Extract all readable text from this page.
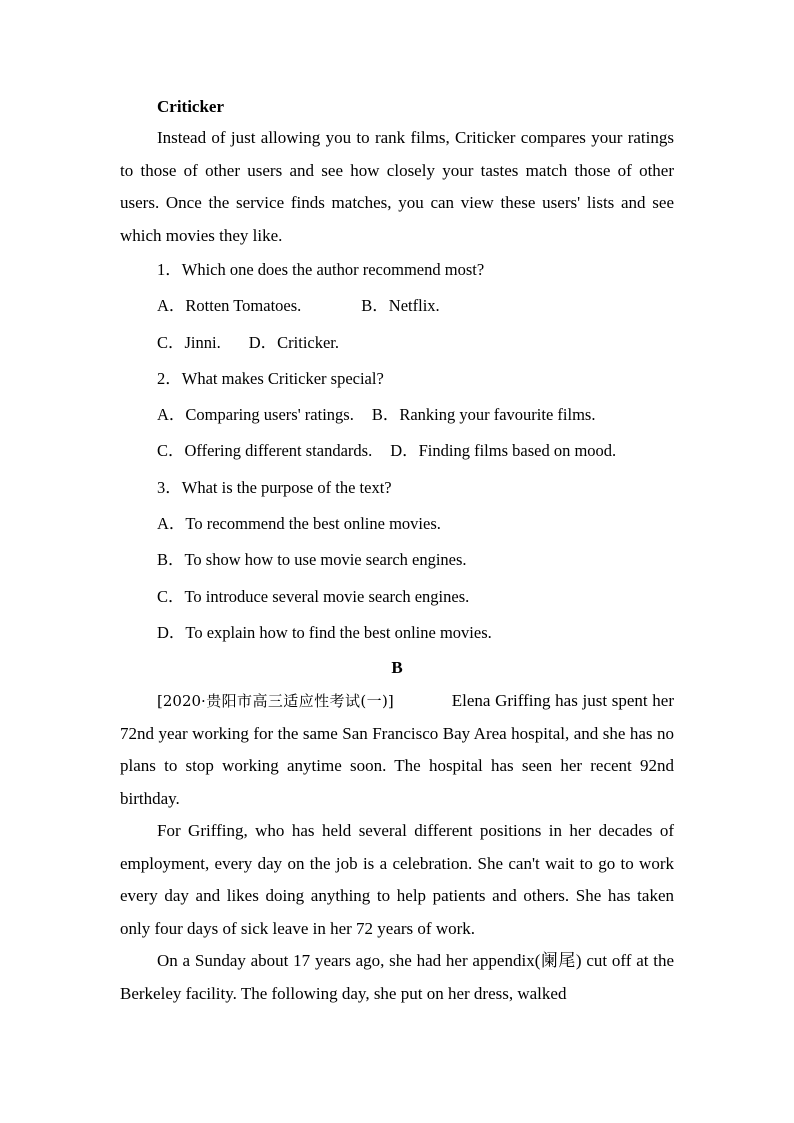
Criticker

Instead of just allowing you to rank films, Criticker compares your ratings to those of other users and see how closely your tastes match those of other users. Once the service finds matches, you can view these users' lists and see which movies they like.

1．Which one does the author recommend most?
A．Rotten Tomatoes.	B．Netflix.
C．Jinni. D．Criticker.
2．What makes Criticker special?
A．Comparing users' ratings. B．Ranking your favourite films.
C．Offering different standards. D．Finding films based on mood.
3．What is the purpose of the text?
A．To recommend the best online movies.
B．To show how to use movie search engines.
C．To introduce several movie search engines.
D．To explain how to find the best online movies.
B

[2020·贵阳市高三适应性考试(一)]	Elena Griffing has just spent her 72nd year working for the same San Francisco Bay Area hospital, and she has no plans to stop working anytime soon. The hospital has seen her recent 92nd birthday.

For Griffing, who has held several different positions in her decades of employment, every day on the job is a celebration. She can't wait to go to work every day and likes doing anything to help patients and others. She has taken only four days of sick leave in her 72 years of work.

On a Sunday about 17 years ago, she had her appendix(阑尾) cut off at the Berkeley facility. The following day, she put on her dress, walked
